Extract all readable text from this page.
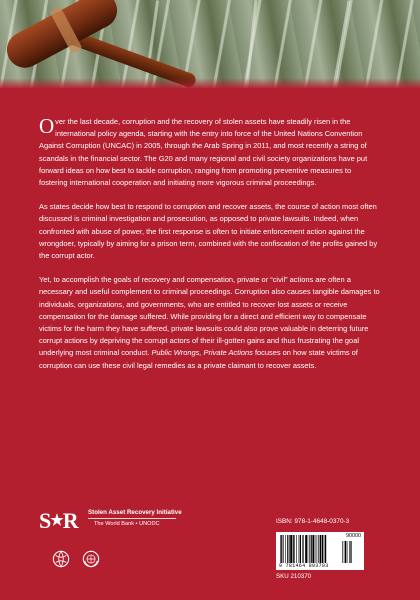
Over the last decade, corruption and the recovery of stolen assets have steadily risen in the international policy agenda, starting with the entry into force of the United Nations Convention Against Corruption (UNCAC) in 2005, through the Arab Spring in 2011, and most recently a string of scandals in the financial sector. The G20 and many regional and civil society organizations have put forward ideas on how best to tackle corruption, ranging from promoting preventive measures to fostering international cooperation and initiating more vigorous criminal proceedings.

As states decide how best to respond to corruption and recover assets, the course of action most often discussed is criminal investigation and prosecution, as opposed to private lawsuits. Indeed, when confronted with abuse of power, the first response is often to initiate enforcement action against the wrongdoer, typically by aiming for a prison term, combined with the confiscation of the profits gained by the corrupt actor.

Yet, to accomplish the goals of recovery and compensation, private or “civil” actions are often a necessary and useful complement to criminal proceedings. Corruption also causes tangible damages to individuals, organizations, and governments, who are entitled to recover lost assets or receive compensation for the damage suffered. While providing for a direct and efficient way to compensate victims for the harm they have suffered, private lawsuits could also prove valuable in deterring future corrupt actions by depriving the corrupt actors of their ill-gotten gains and thus frustrating the goal underlying most criminal conduct. Public Wrongs, Private Actions focuses on how state victims of corruption can use these civil legal remedies as a private claimant to recover assets.

S ★ R Stolen Asset Recovery Initiative
The World Bank • UNODC	ISBN: 978-1-4648-0370-3
90000
9 781464 803703
SKU 210370
